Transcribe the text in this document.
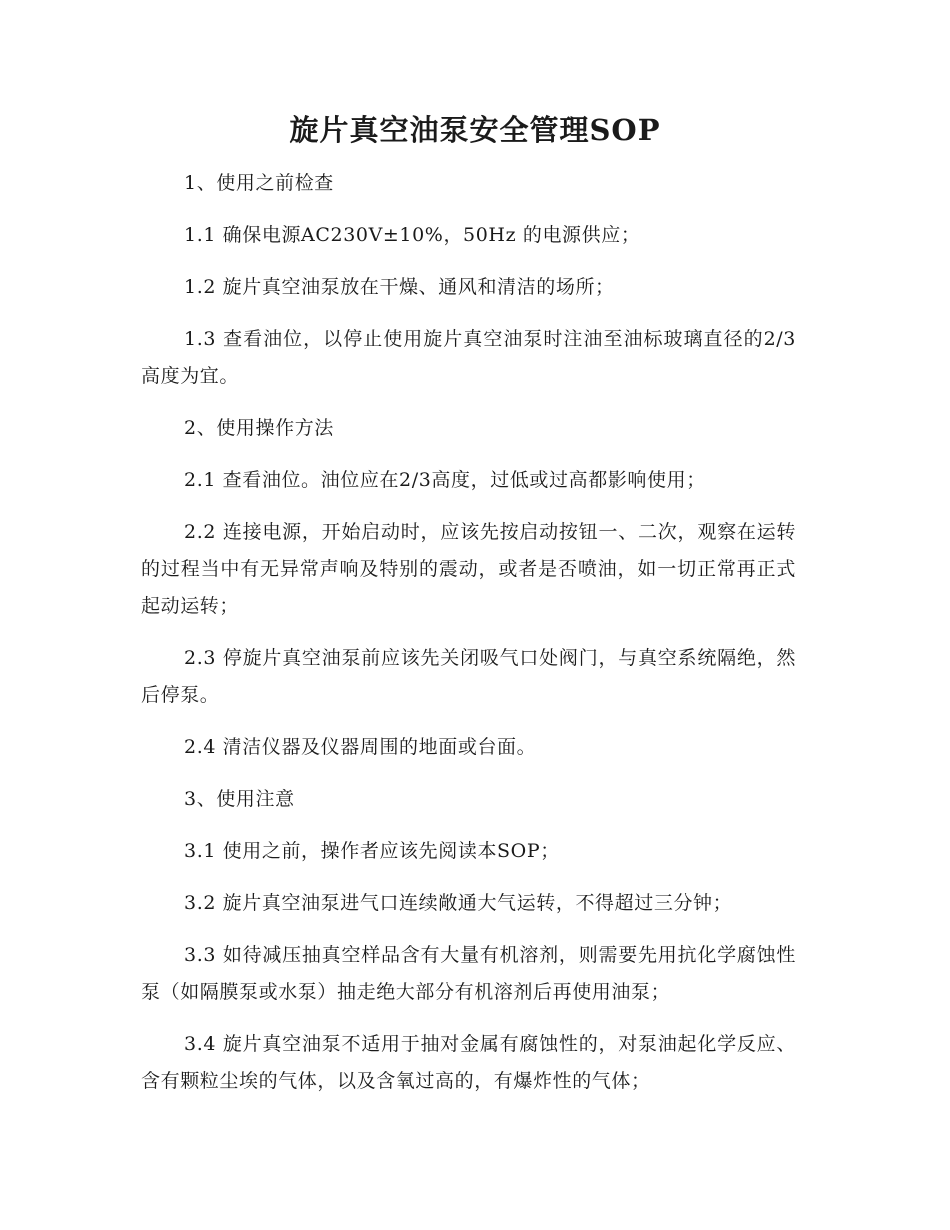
旋片真空油泵安全管理SOP

1、使用之前检查

1.1 确保电源AC230V±10%，50Hz 的电源供应；

1.2 旋片真空油泵放在干燥、通风和清洁的场所；

1.3 查看油位，以停止使用旋片真空油泵时注油至油标玻璃直径的2/3高度为宜。

2、使用操作方法

2.1 查看油位。油位应在2/3高度，过低或过高都影响使用；

2.2 连接电源，开始启动时，应该先按启动按钮一、二次，观察在运转的过程当中有无异常声响及特别的震动，或者是否喷油，如一切正常再正式起动运转；

2.3 停旋片真空油泵前应该先关闭吸气口处阀门，与真空系统隔绝，然后停泵。

2.4 清洁仪器及仪器周围的地面或台面。

3、使用注意

3.1 使用之前，操作者应该先阅读本SOP；

3.2 旋片真空油泵进气口连续敞通大气运转，不得超过三分钟；

3.3 如待减压抽真空样品含有大量有机溶剂，则需要先用抗化学腐蚀性泵（如隔膜泵或水泵）抽走绝大部分有机溶剂后再使用油泵；

3.4 旋片真空油泵不适用于抽对金属有腐蚀性的，对泵油起化学反应、含有颗粒尘埃的气体，以及含氧过高的，有爆炸性的气体；
